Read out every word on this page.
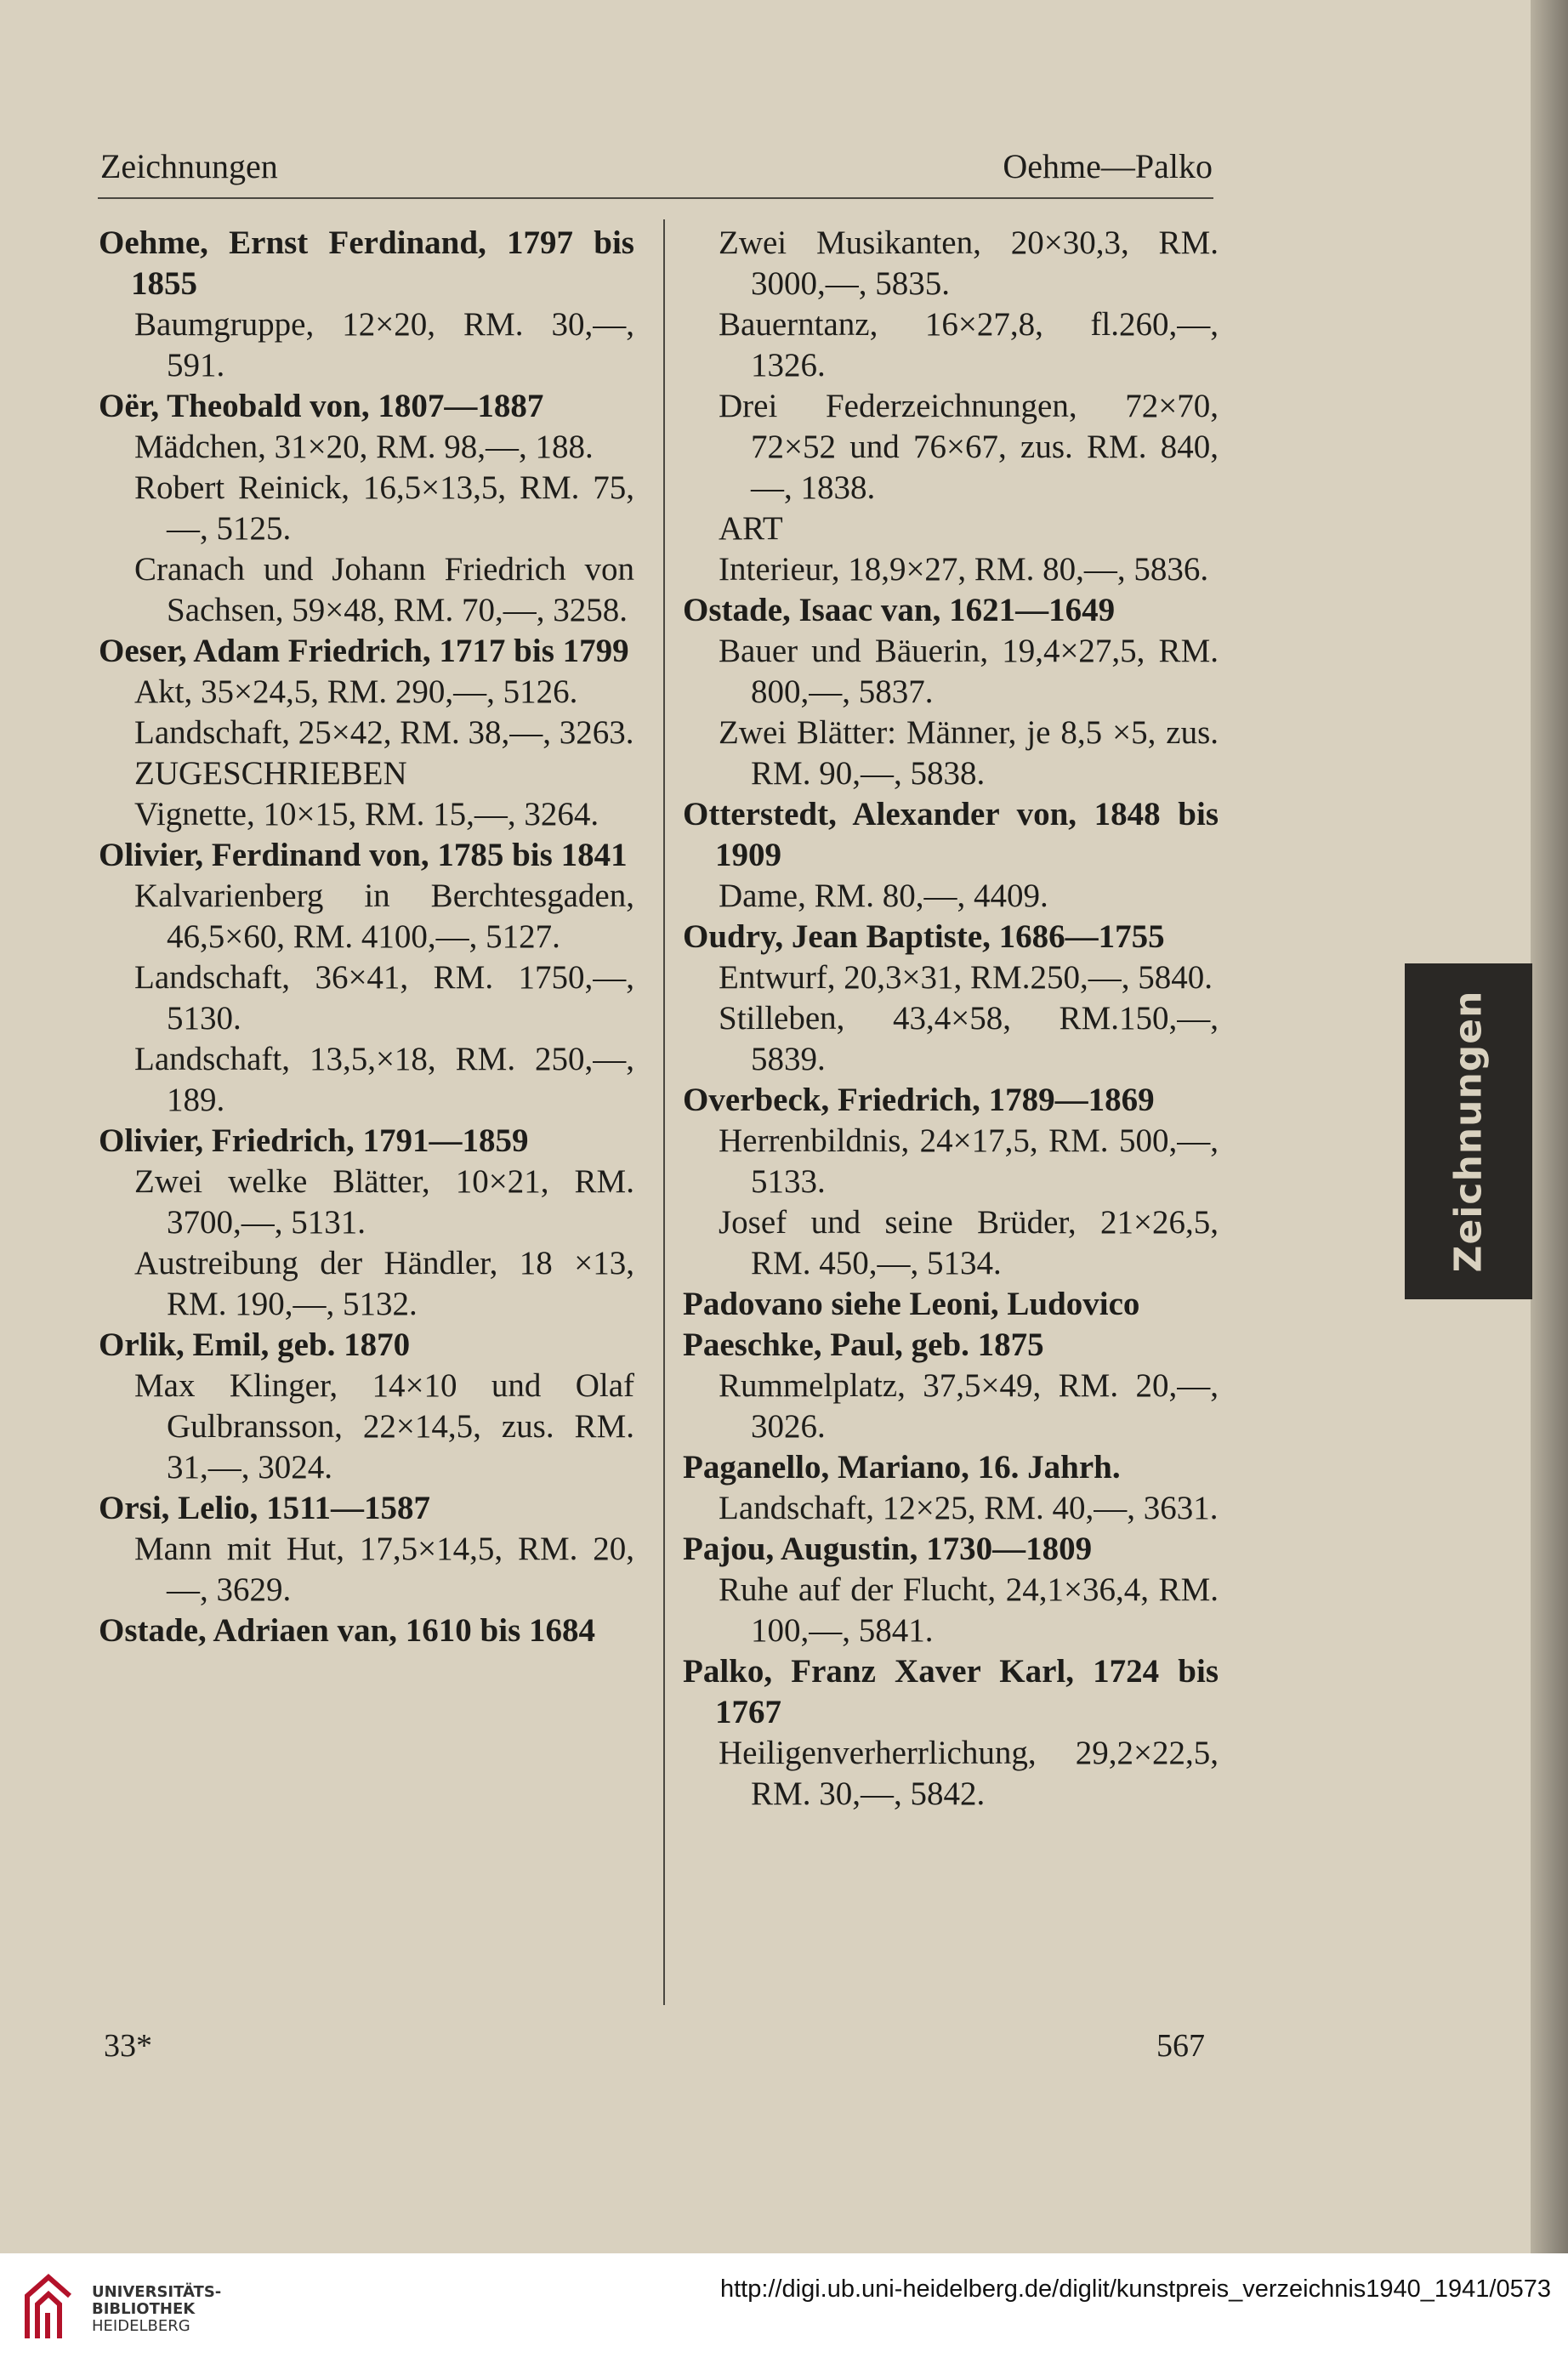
Zeichnungen	Oehme—Palko

Oehme, Ernst Ferdinand, 1797 bis 1855

Baumgruppe, 12×20, RM. 30,—, 591.

Oër, Theobald von, 1807—1887

Mädchen, 31×20, RM. 98,—, 188.

Robert Reinick, 16,5×13,5, RM. 75,—, 5125.

Cranach und Johann Friedrich von Sachsen, 59×48, RM. 70,—, 3258.

Oeser, Adam Friedrich, 1717 bis 1799

Akt, 35×24,5, RM. 290,—, 5126.

Landschaft, 25×42, RM. 38,—, 3263.

ZUGESCHRIEBEN

Vignette, 10×15, RM. 15,—, 3264.

Olivier, Ferdinand von, 1785 bis 1841

Kalvarienberg in Berchtesgaden, 46,5×60, RM. 4100,—, 5127.

Landschaft, 36×41, RM. 1750,—, 5130.

Landschaft, 13,5,×18, RM. 250,—, 189.

Olivier, Friedrich, 1791—1859

Zwei welke Blätter, 10×21, RM. 3700,—, 5131.

Austreibung der Händler, 18 ×13, RM. 190,—, 5132.

Orlik, Emil, geb. 1870

Max Klinger, 14×10 und Olaf Gulbransson, 22×14,5, zus. RM. 31,—, 3024.

Orsi, Lelio, 1511—1587

Mann mit Hut, 17,5×14,5, RM. 20,—, 3629.

Ostade, Adriaen van, 1610 bis 1684

Zwei Musikanten, 20×30,3, RM. 3000,—, 5835.

Bauerntanz, 16×27,8, fl.260,—, 1326.

Drei Federzeichnungen, 72×70, 72×52 und 76×67, zus. RM. 840,—, 1838.

ART

Interieur, 18,9×27, RM. 80,—, 5836.

Ostade, Isaac van, 1621—1649

Bauer und Bäuerin, 19,4×27,5, RM. 800,—, 5837.

Zwei Blätter: Männer, je 8,5 ×5, zus. RM. 90,—, 5838.

Otterstedt, Alexander von, 1848 bis 1909

Dame, RM. 80,—, 4409.

Oudry, Jean Baptiste, 1686—1755

Entwurf, 20,3×31, RM.250,—, 5840.

Stilleben, 43,4×58, RM.150,—, 5839.

Overbeck, Friedrich, 1789—1869

Herrenbildnis, 24×17,5, RM. 500,—, 5133.

Josef und seine Brüder, 21×26,5, RM. 450,—, 5134.

Padovano siehe Leoni, Ludovico

Paeschke, Paul, geb. 1875

Rummelplatz, 37,5×49, RM. 20,—, 3026.

Paganello, Mariano, 16. Jahrh.

Landschaft, 12×25, RM. 40,—, 3631.

Pajou, Augustin, 1730—1809

Ruhe auf der Flucht, 24,1×36,4, RM. 100,—, 5841.

Palko, Franz Xaver Karl, 1724 bis 1767

Heiligenverherrlichung, 29,2×22,5, RM. 30,—, 5842.

33*	567
Zeichnungen
UNIVERSITÄTS-
BIBLIOTHEK
HEIDELBERG
http://digi.ub.uni-heidelberg.de/diglit/kunstpreis_verzeichnis1940_1941/0573
